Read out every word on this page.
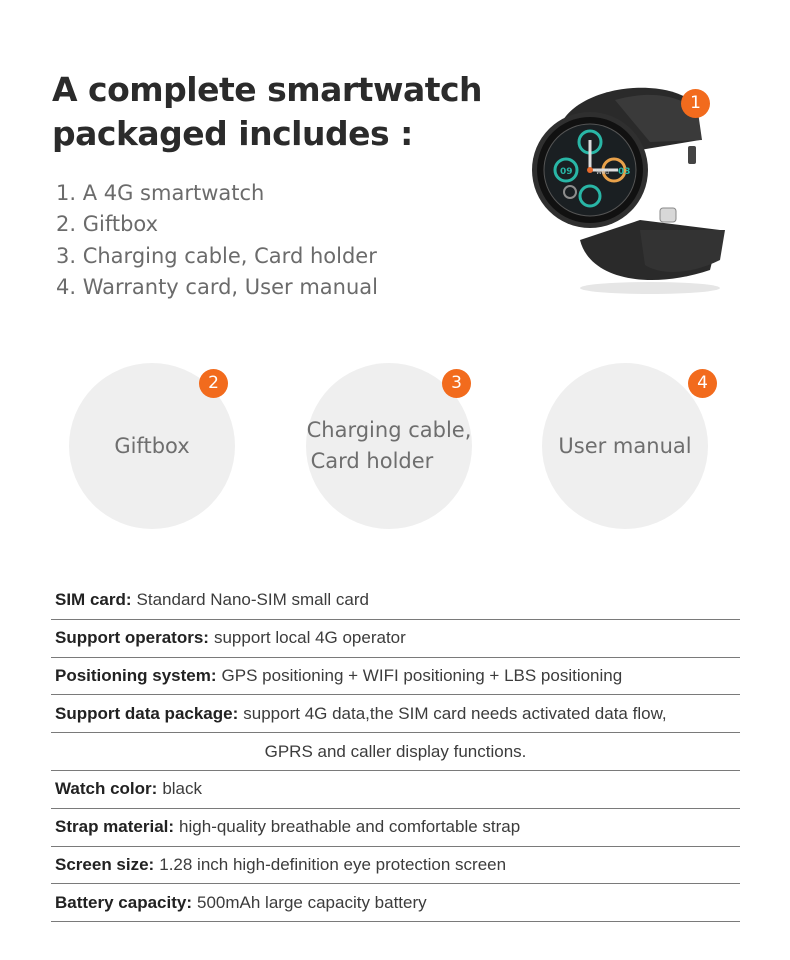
A complete smartwatch
packaged includes :
1. A 4G smartwatch
2. Giftbox
3. Charging cable, Card holder
4. Warranty card, User manual
09	03
Wed
1
Giftbox
2
Charging cable,
Card holder
3
User manual
4
SIM card: Standard Nano-SIM small card
Support operators: support local 4G operator
Positioning system: GPS positioning + WIFI positioning + LBS positioning
Support data package: support 4G data,the SIM card needs activated data flow,
GPRS and caller display functions.
Watch color: black
Strap material: high-quality breathable and comfortable strap
Screen size: 1.28 inch high-definition eye protection screen
Battery capacity: 500mAh large capacity battery
